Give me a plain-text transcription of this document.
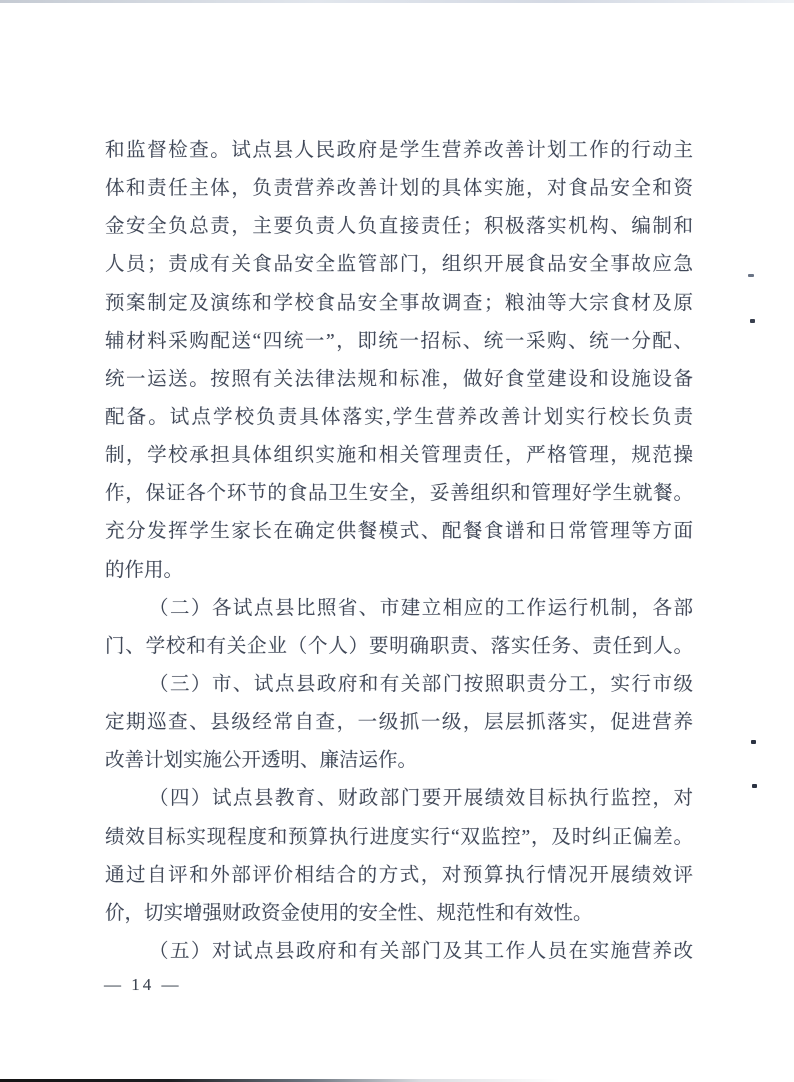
和监督检查。试点县人民政府是学生营养改善计划工作的行动主
体和责任主体，负责营养改善计划的具体实施，对食品安全和资
金安全负总责，主要负责人负直接责任；积极落实机构、编制和
人员；责成有关食品安全监管部门，组织开展食品安全事故应急
预案制定及演练和学校食品安全事故调查；粮油等大宗食材及原
辅材料采购配送“四统一”，即统一招标、统一采购、统一分配、
统一运送。按照有关法律法规和标准，做好食堂建设和设施设备
配备。试点学校负责具体落实,学生营养改善计划实行校长负责
制，学校承担具体组织实施和相关管理责任，严格管理，规范操
作，保证各个环节的食品卫生安全，妥善组织和管理好学生就餐。
充分发挥学生家长在确定供餐模式、配餐食谱和日常管理等方面
的作用。
（二）各试点县比照省、市建立相应的工作运行机制，各部
门、学校和有关企业（个人）要明确职责、落实任务、责任到人。
（三）市、试点县政府和有关部门按照职责分工，实行市级
定期巡查、县级经常自查，一级抓一级，层层抓落实，促进营养
改善计划实施公开透明、廉洁运作。
（四）试点县教育、财政部门要开展绩效目标执行监控，对
绩效目标实现程度和预算执行进度实行“双监控”，及时纠正偏差。
通过自评和外部评价相结合的方式，对预算执行情况开展绩效评
价，切实增强财政资金使用的安全性、规范性和有效性。
（五）对试点县政府和有关部门及其工作人员在实施营养改
— 14 —
